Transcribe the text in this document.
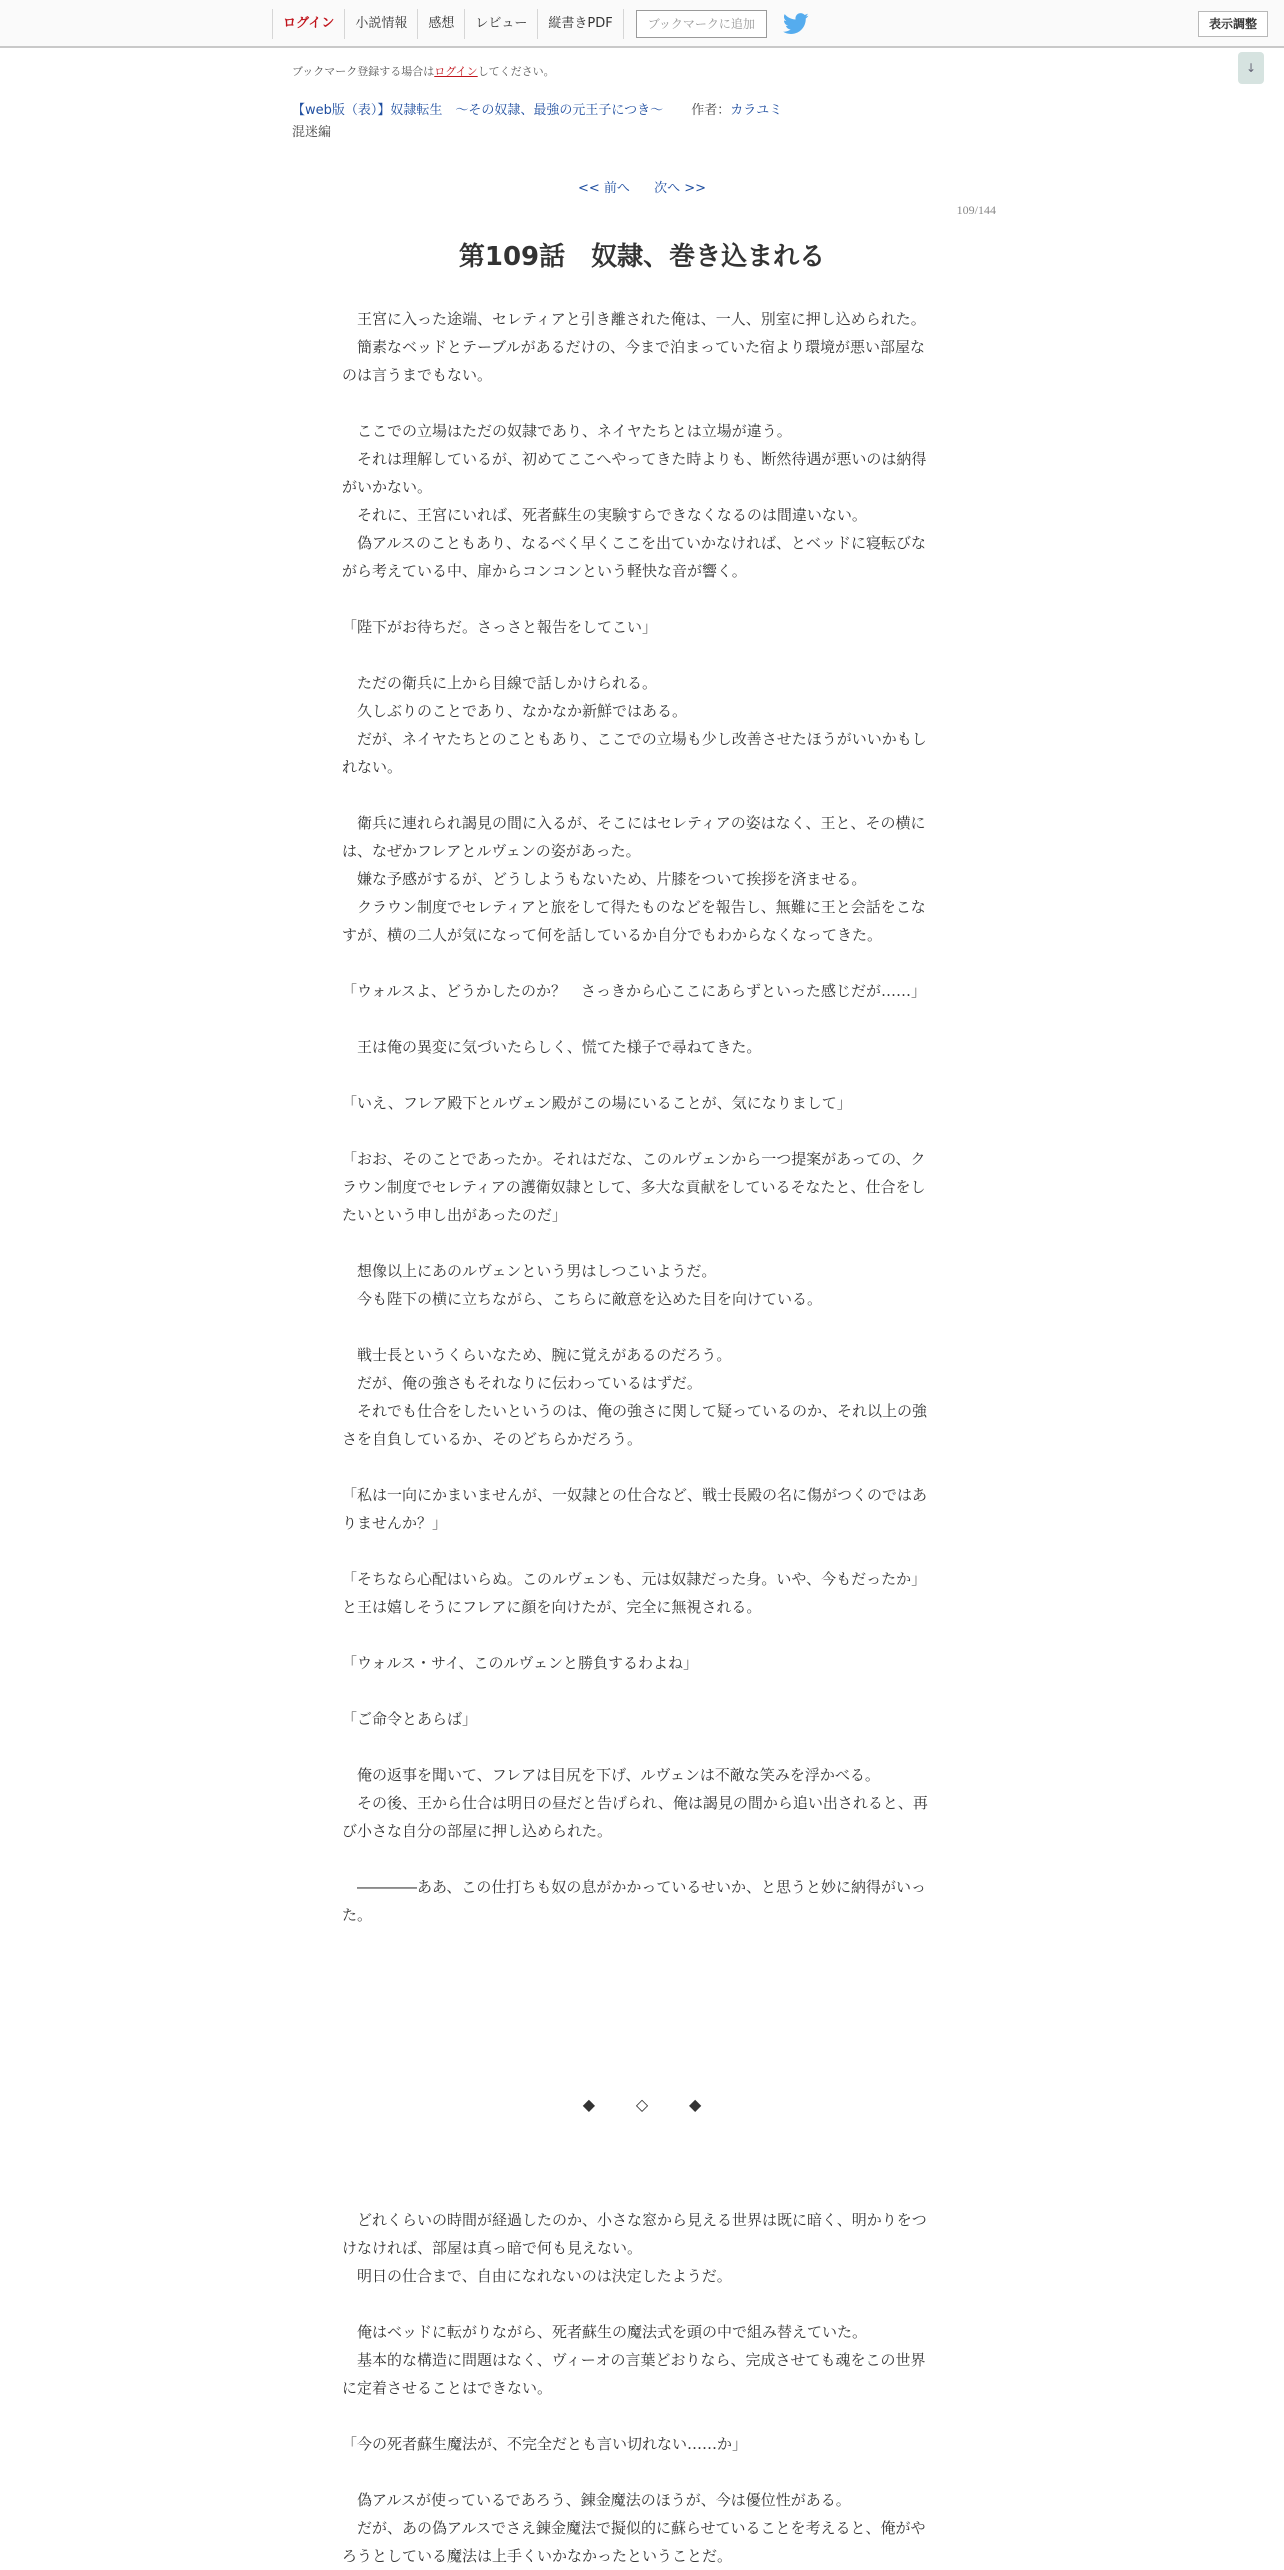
ログイン	小説情報	感想	レビュー	縦書きPDF	ブックマークに追加	表示調整
↓
ブックマーク登録する場合はログインしてください。
【web版（表）】奴隷転生　～その奴隷、最強の元王子につき～ 作者：カラユミ
混迷編
<< 前へ 次へ >>
109/144
第109話　奴隷、巻き込まれる
王宮に入った途端、セレティアと引き離された俺は、一人、別室に押し込められた。
簡素なベッドとテーブルがあるだけの、今まで泊まっていた宿より環境が悪い部屋なのは言うまでもない。
ここでの立場はただの奴隷であり、ネイヤたちとは立場が違う。
それは理解しているが、初めてここへやってきた時よりも、断然待遇が悪いのは納得がいかない。
それに、王宮にいれば、死者蘇生の実験すらできなくなるのは間違いない。
偽アルスのこともあり、なるべく早くここを出ていかなければ、とベッドに寝転びながら考えている中、扉からコンコンという軽快な音が響く。
「陛下がお待ちだ。さっさと報告をしてこい」
ただの衛兵に上から目線で話しかけられる。
久しぶりのことであり、なかなか新鮮ではある。
だが、ネイヤたちとのこともあり、ここでの立場も少し改善させたほうがいいかもしれない。
衛兵に連れられ謁見の間に入るが、そこにはセレティアの姿はなく、王と、その横には、なぜかフレアとルヴェンの姿があった。
嫌な予感がするが、どうしようもないため、片膝をついて挨拶を済ませる。
クラウン制度でセレティアと旅をして得たものなどを報告し、無難に王と会話をこなすが、横の二人が気になって何を話しているか自分でもわからなくなってきた。
「ウォルスよ、どうかしたのか？　さっきから心ここにあらずといった感じだが……」
王は俺の異変に気づいたらしく、慌てた様子で尋ねてきた。
「いえ、フレア殿下とルヴェン殿がこの場にいることが、気になりまして」
「おお、そのことであったか。それはだな、このルヴェンから一つ提案があっての、クラウン制度でセレティアの護衛奴隷として、多大な貢献をしているそなたと、仕合をしたいという申し出があったのだ」
想像以上にあのルヴェンという男はしつこいようだ。
今も陛下の横に立ちながら、こちらに敵意を込めた目を向けている。
戦士長というくらいなため、腕に覚えがあるのだろう。
だが、俺の強さもそれなりに伝わっているはずだ。
それでも仕合をしたいというのは、俺の強さに関して疑っているのか、それ以上の強さを自負しているか、そのどちらかだろう。
「私は一向にかまいませんが、一奴隷との仕合など、戦士長殿の名に傷がつくのではありませんか？」
「そちなら心配はいらぬ。このルヴェンも、元は奴隷だった身。いや、今もだったか」と王は嬉しそうにフレアに顔を向けたが、完全に無視される。
「ウォルス・サイ、このルヴェンと勝負するわよね」
「ご命令とあらば」
俺の返事を聞いて、フレアは目尻を下げ、ルヴェンは不敵な笑みを浮かべる。
その後、王から仕合は明日の昼だと告げられ、俺は謁見の間から追い出されると、再び小さな自分の部屋に押し込められた。
――――ああ、この仕打ちも奴の息がかかっているせいか、と思うと妙に納得がいった。
◆	◇	◆
どれくらいの時間が経過したのか、小さな窓から見える世界は既に暗く、明かりをつけなければ、部屋は真っ暗で何も見えない。
明日の仕合まで、自由になれないのは決定したようだ。
俺はベッドに転がりながら、死者蘇生の魔法式を頭の中で組み替えていた。
基本的な構造に問題はなく、ヴィーオの言葉どおりなら、完成させても魂をこの世界に定着させることはできない。
「今の死者蘇生魔法が、不完全だとも言い切れない……か」
偽アルスが使っているであろう、錬金魔法のほうが、今は優位性がある。
だが、あの偽アルスでさえ錬金魔法で擬似的に蘇らせていることを考えると、俺がやろうとしている魔法は上手くいかなかったということだ。
